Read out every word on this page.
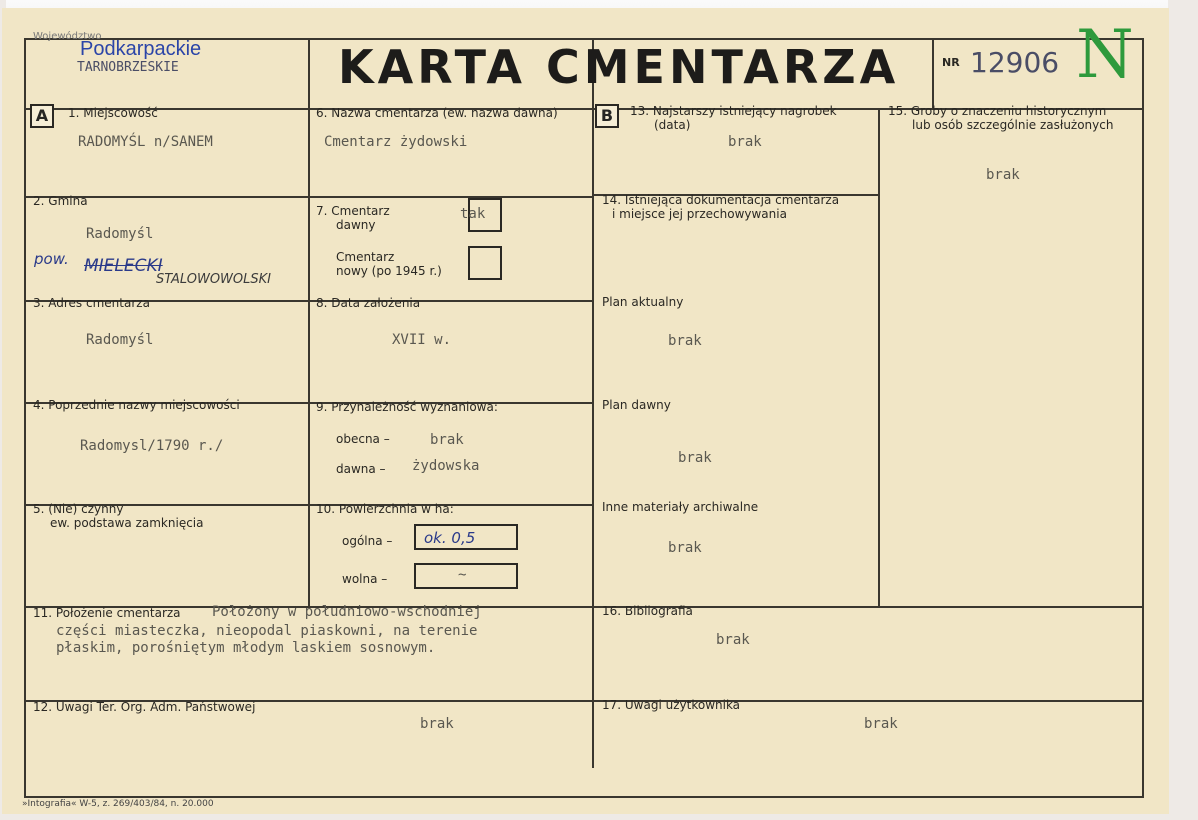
Województwo
Podkarpackie
TARNOBRZESKIE	KARTA CMENTARZA	NR 12906 N
A	B
1. Miejscowość
RADOMYŚL n/SANEM
2. Gmina
Radomyśl
pow. MIELECKI
STALOWOWOLSKI
3. Adres cmentarza
Radomyśl
4. Poprzednie nazwy miejscowości
Radomysl/1790 r./
5. (Nie) czynny
ew. podstawa zamknięcia
6. Nazwa cmentarza (ew. nazwa dawna)
Cmentarz żydowski
7. Cmentarz
dawny
tak
Cmentarz
nowy (po 1945 r.)
8. Data założenia
XVII w.
9. Przynależność wyznaniowa:
obecna –	brak
dawna – żydowska
10. Powierzchnia w ha:
ogólna – ok. 0,5
wolna –	~
11. Położenie cmentarza Położony w południowo-wschodniej
części miasteczka, nieopodal piaskowni, na terenie
płaskim, porośniętym młodym laskiem sosnowym.
12. Uwagi Ter. Org. Adm. Państwowej
brak
13. Najstarszy istniejący nagrobek
(data)
brak
14. Istniejąca dokumentacja cmentarza
i miejsce jej przechowywania
Plan aktualny
brak
Plan dawny
brak
Inne materiały archiwalne
brak
15. Groby o znaczeniu historycznym
lub osób szczególnie zasłużonych
brak
16. Bibliografia
brak
17. Uwagi użytkownika
brak
»Intografia« W-5, z. 269/403/84, n. 20.000
